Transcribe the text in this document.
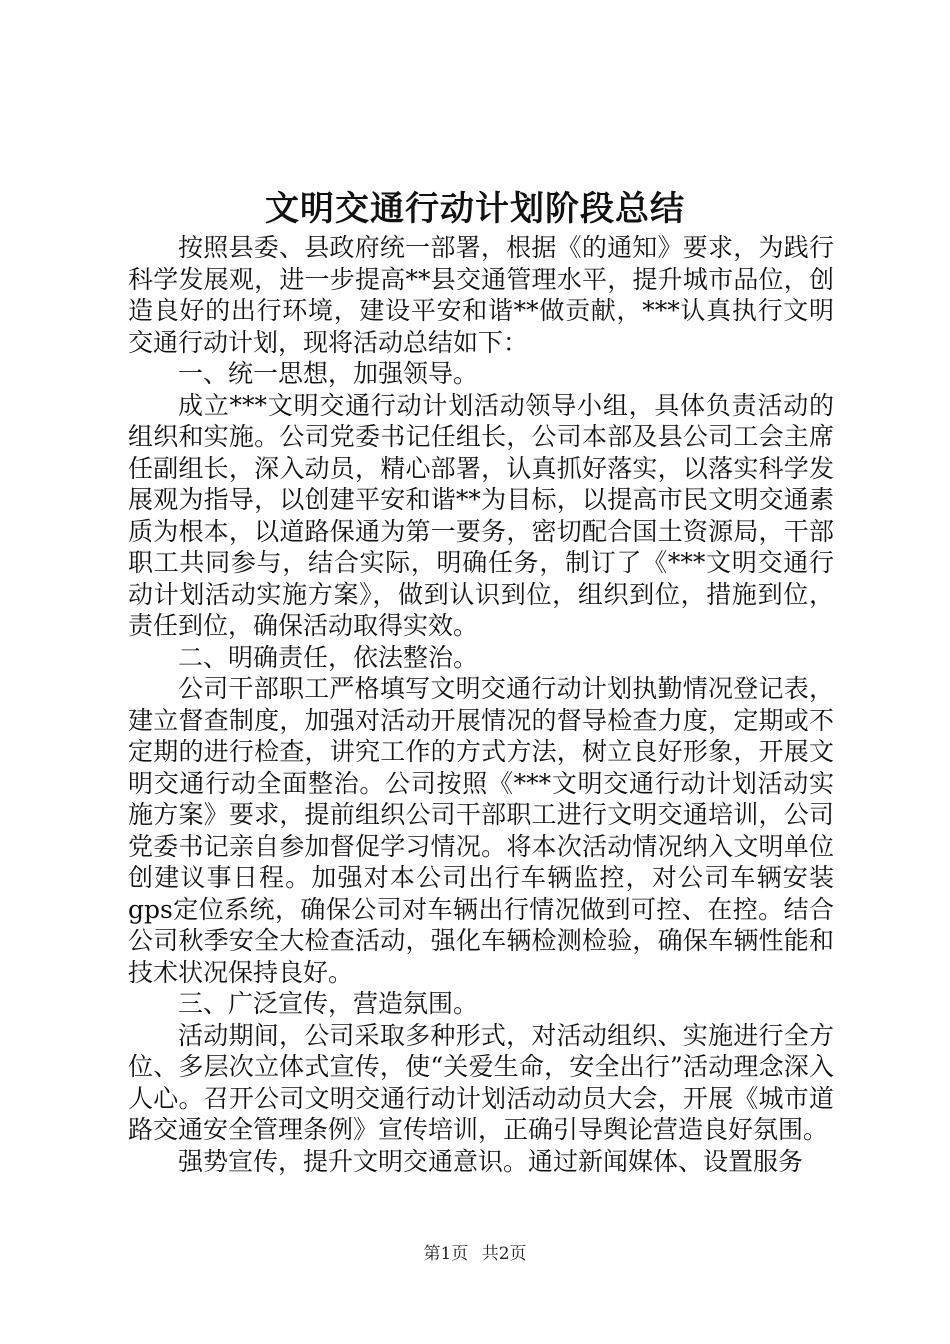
文明交通行动计划阶段总结

按照县委、县政府统一部署，根据《的通知》要求，为践行科学发展观，进一步提高**县交通管理水平，提升城市品位，创造良好的出行环境，建设平安和谐**做贡献，***认真执行文明交通行动计划，现将活动总结如下：

一、统一思想，加强领导。

成立***文明交通行动计划活动领导小组，具体负责活动的组织和实施。公司党委书记任组长，公司本部及县公司工会主席任副组长，深入动员，精心部署，认真抓好落实，以落实科学发展观为指导，以创建平安和谐**为目标，以提高市民文明交通素质为根本，以道路保通为第一要务，密切配合国土资源局，干部职工共同参与，结合实际，明确任务，制订了《***文明交通行动计划活动实施方案》，做到认识到位，组织到位，措施到位，责任到位，确保活动取得实效。

二、明确责任，依法整治。

公司干部职工严格填写文明交通行动计划执勤情况登记表，建立督查制度，加强对活动开展情况的督导检查力度，定期或不定期的进行检查，讲究工作的方式方法，树立良好形象，开展文明交通行动全面整治。公司按照《***文明交通行动计划活动实施方案》要求，提前组织公司干部职工进行文明交通培训，公司党委书记亲自参加督促学习情况。将本次活动情况纳入文明单位创建议事日程。加强对本公司出行车辆监控，对公司车辆安装gps定位系统，确保公司对车辆出行情况做到可控、在控。结合公司秋季安全大检查活动，强化车辆检测检验，确保车辆性能和技术状况保持良好。

三、广泛宣传，营造氛围。

活动期间，公司采取多种形式，对活动组织、实施进行全方位、多层次立体式宣传，使“关爱生命，安全出行”活动理念深入人心。召开公司文明交通行动计划活动动员大会，开展《城市道路交通安全管理条例》宣传培训，正确引导舆论营造良好氛围。

强势宣传，提升文明交通意识。通过新闻媒体、设置服务

第1页 共2页
